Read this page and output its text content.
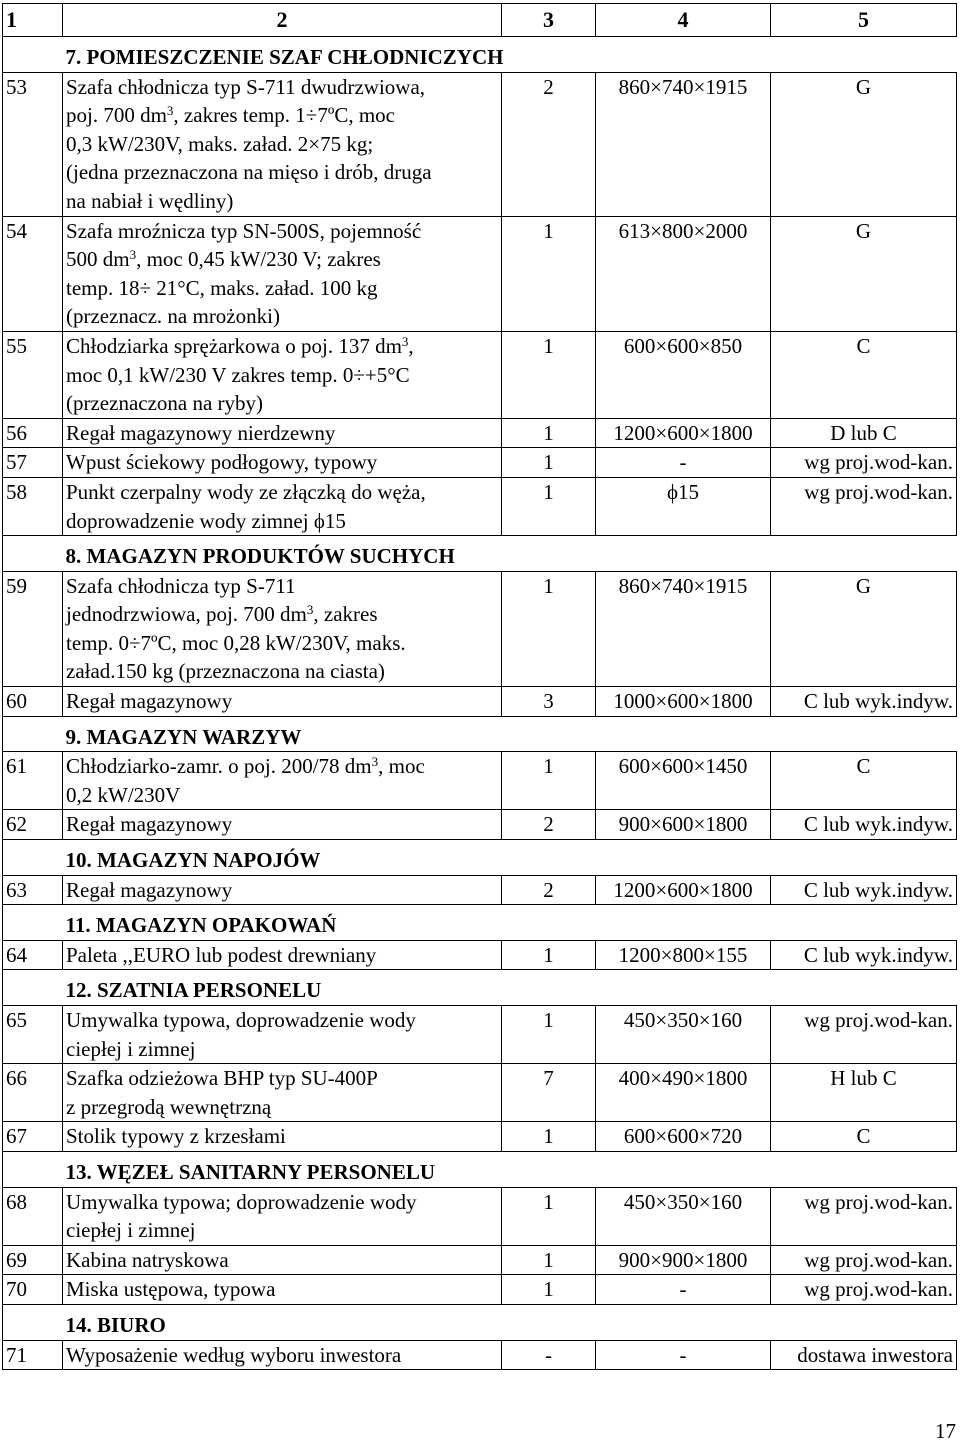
1	2	3	4	5
	7. POMIESZCZENIE SZAF CHŁODNICZYCH			
53	Szafa chłodnicza typ S-711 dwudrzwiowa,
poj. 700 $dm^3$, zakres temp. 1÷7ºC, moc
0,3 kW/230V, maks. załad. 2×75 kg;
(jedna przeznaczona na mięso i drób, druga
na nabiał i wędliny)	2	860×740×1915	G
54	Szafa mroźnicza typ SN-500S, pojemność
500 $dm^3$, moc 0,45 kW/230 V; zakres
temp. 18÷ 21°C, maks. załad. 100 kg
(przeznacz. na mrożonki)	1	613×800×2000	G
55	Chłodziarka sprężarkowa o poj. 137 $dm^3$,
moc 0,1 kW/230 V zakres temp. 0÷+5°C
(przeznaczona na ryby)	1	600×600×850	C
56	Regał magazynowy nierdzewny	1	1200×600×1800	D lub C
57	Wpust ściekowy podłogowy, typowy	1	-	wg proj.wod-kan.
58	Punkt czerpalny wody ze złączką do węża,
doprowadzenie wody zimnej ϕ15	1	ϕ15	wg proj.wod-kan.
	8. MAGAZYN PRODUKTÓW SUCHYCH			
59	Szafa chłodnicza typ S-711
jednodrzwiowa, poj. 700 $dm^3$, zakres
temp. 0÷7ºC, moc 0,28 kW/230V, maks.
załad.150 kg (przeznaczona na ciasta)	1	860×740×1915	G
60	Regał magazynowy	3	1000×600×1800	C lub wyk.indyw.
	9. MAGAZYN WARZYW			
61	Chłodziarko-zamr. o poj. 200/78 $dm^3$, moc
0,2 kW/230V	1	600×600×1450	C
62	Regał magazynowy	2	900×600×1800	C lub wyk.indyw.
	10. MAGAZYN NAPOJÓW			
63	Regał magazynowy	2	1200×600×1800	C lub wyk.indyw.
	11. MAGAZYN OPAKOWAŃ			
64	Paleta ,,EURO lub podest drewniany	1	1200×800×155	C lub wyk.indyw.
	12. SZATNIA PERSONELU			
65	Umywalka typowa, doprowadzenie wody
ciepłej i zimnej	1	450×350×160	wg proj.wod-kan.
66	Szafka odzieżowa BHP typ SU-400P
z przegrodą wewnętrzną	7	400×490×1800	H lub C
67	Stolik typowy z krzesłami	1	600×600×720	C
	13. WĘZEŁ SANITARNY PERSONELU			
68	Umywalka typowa; doprowadzenie wody
ciepłej i zimnej	1	450×350×160	wg proj.wod-kan.
69	Kabina natryskowa	1	900×900×1800	wg proj.wod-kan.
70	Miska ustępowa, typowa	1	-	wg proj.wod-kan.
	14. BIURO			
71	Wyposażenie według wyboru inwestora	-	-	dostawa inwestora
17
